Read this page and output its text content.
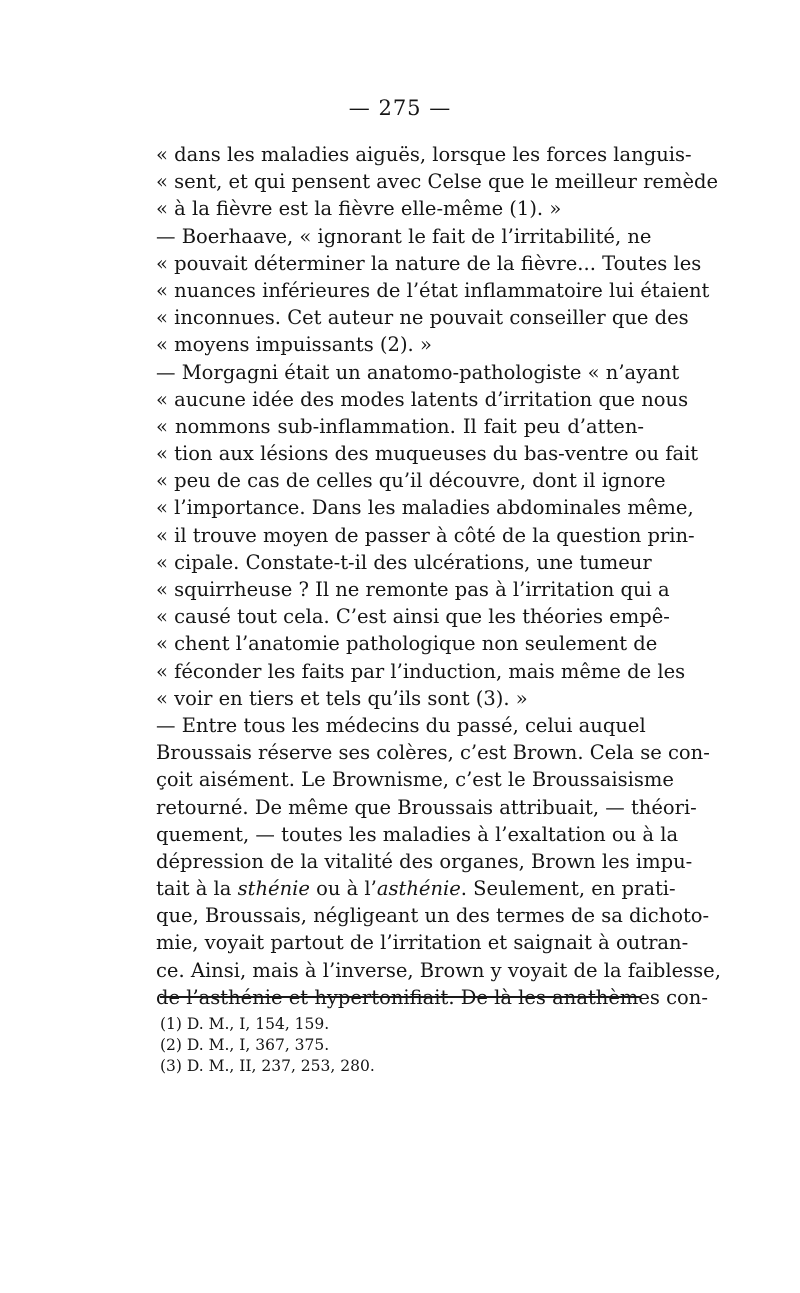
— 275 —
« dans les maladies aiguës, lorsque les forces languis-
« sent, et qui pensent avec Celse que le meilleur remède
« à la fièvre est la fièvre elle-même (1). »
— Boerhaave, « ignorant le fait de l’irritabilité, ne
« pouvait déterminer la nature de la fièvre... Toutes les
« nuances inférieures de l’état inflammatoire lui étaient
« inconnues. Cet auteur ne pouvait conseiller que des
« moyens impuissants (2). »
— Morgagni était un anatomo-pathologiste « n’ayant
« aucune idée des modes latents d’irritation que nous
« nommons sub-inflammation. Il fait peu d’atten-
« tion aux lésions des muqueuses du bas-ventre ou fait
« peu de cas de celles qu’il découvre, dont il ignore
« l’importance. Dans les maladies abdominales même,
« il trouve moyen de passer à côté de la question prin-
« cipale. Constate-t-il des ulcérations, une tumeur
« squirrheuse ? Il ne remonte pas à l’irritation qui a
« causé tout cela. C’est ainsi que les théories empê-
« chent l’anatomie pathologique non seulement de
« féconder les faits par l’induction, mais même de les
« voir en tiers et tels qu’ils sont (3). »
— Entre tous les médecins du passé, celui auquel
Broussais réserve ses colères, c’est Brown. Cela se con-
çoit aisément. Le Brownisme, c’est le Broussaisisme
retourné. De même que Broussais attribuait, — théori-
quement, — toutes les maladies à l’exaltation ou à la
dépression de la vitalité des organes, Brown les impu-
tait à la sthénie ou à l’asthénie. Seulement, en prati-
que, Broussais, négligeant un des termes de sa dichoto-
mie, voyait partout de l’irritation et saignait à outran-
ce. Ainsi, mais à l’inverse, Brown y voyait de la faiblesse,
de l’asthénie et hypertonifiait. De là les anathèmes con-
(1) D. M., I, 154, 159.
(2) D. M., I, 367, 375.
(3) D. M., II, 237, 253, 280.
